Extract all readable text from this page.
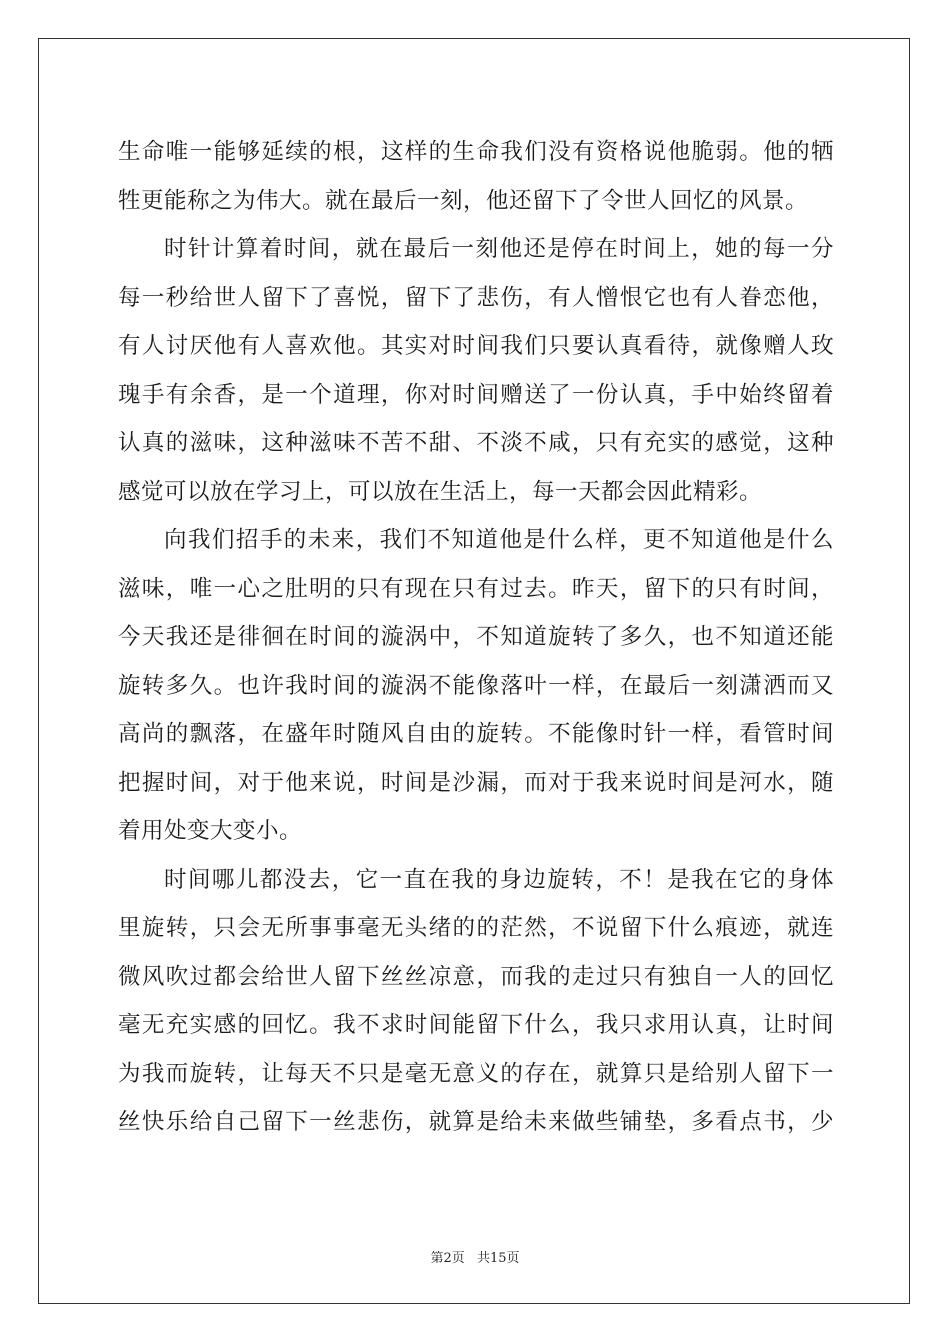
生命唯一能够延续的根，这样的生命我们没有资格说他脆弱。他的牺
牲更能称之为伟大。就在最后一刻，他还留下了令世人回忆的风景。
时针计算着时间，就在最后一刻他还是停在时间上，她的每一分
每一秒给世人留下了喜悦，留下了悲伤，有人憎恨它也有人眷恋他，
有人讨厌他有人喜欢他。其实对时间我们只要认真看待，就像赠人玫
瑰手有余香，是一个道理，你对时间赠送了一份认真，手中始终留着
认真的滋味，这种滋味不苦不甜、不淡不咸，只有充实的感觉，这种
感觉可以放在学习上，可以放在生活上，每一天都会因此精彩。
向我们招手的未来，我们不知道他是什么样，更不知道他是什么
滋味，唯一心之肚明的只有现在只有过去。昨天，留下的只有时间，
今天我还是徘徊在时间的漩涡中，不知道旋转了多久，也不知道还能
旋转多久。也许我时间的漩涡不能像落叶一样，在最后一刻潇洒而又
高尚的飘落，在盛年时随风自由的旋转。不能像时针一样，看管时间
把握时间，对于他来说，时间是沙漏，而对于我来说时间是河水，随
着用处变大变小。
时间哪儿都没去，它一直在我的身边旋转，不！是我在它的身体
里旋转，只会无所事事毫无头绪的的茫然，不说留下什么痕迹，就连
微风吹过都会给世人留下丝丝凉意，而我的走过只有独自一人的回忆
毫无充实感的回忆。我不求时间能留下什么，我只求用认真，让时间
为我而旋转，让每天不只是毫无意义的存在，就算只是给别人留下一
丝快乐给自己留下一丝悲伤，就算是给未来做些铺垫，多看点书，少
第2页 共15页
